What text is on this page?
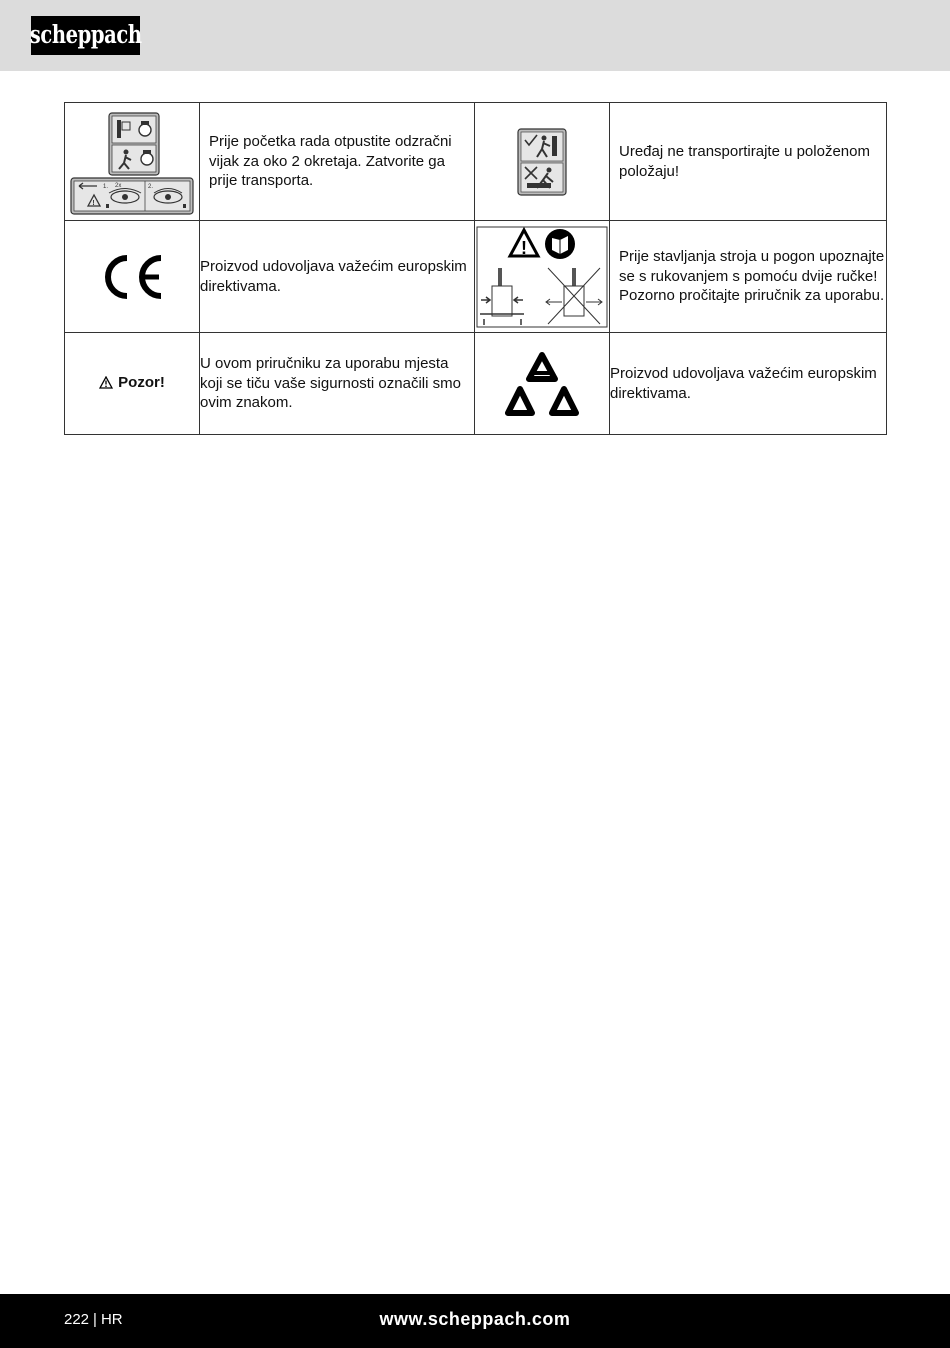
scheppach
!
1. 2x 2.	Prije početka rada otpustite odzračni vijak za oko 2 okretaja. Zatvorite ga prije transporta.		Uređaj ne transportirajte u položenom položaju!

	Proizvod udovoljava važećim europskim direktivama.	!	Prije stavljanja stroja u pogon upoznajte se s rukovanjem s pomoću dvije ručke! Pozorno pročitajte priručnik za uporabu.

Pozor!	U ovom priručniku za uporabu mjesta koji se tiču vaše sigurnosti označili smo ovim znakom.		Proizvod udovoljava važećim europskim direktivama.
222 | HR	www.scheppach.com
